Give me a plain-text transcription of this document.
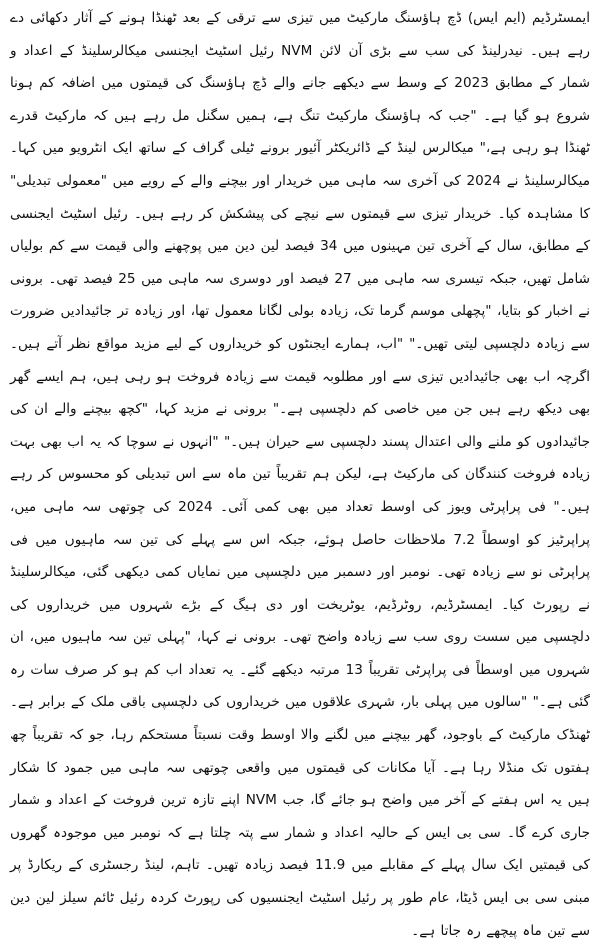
ایمسٹرڈیم (ایم ایس) ڈچ ہاؤسنگ مارکیٹ میں تیزی سے ترقی کے بعد ٹھنڈا ہونے کے آثار دکھائی دے رہے ہیں۔ نیدرلینڈ کی سب سے بڑی آن لائن NVM رئیل اسٹیٹ ایجنسی میکالرسلینڈ کے اعداد و شمار کے مطابق 2023 کے وسط سے دیکھے جانے والے ڈچ ہاؤسنگ کی قیمتوں میں اضافہ کم ہونا شروع ہو گیا ہے۔ "جب کہ ہاؤسنگ مارکیٹ تنگ ہے، ہمیں سگنل مل رہے ہیں کہ مارکیٹ قدرے ٹھنڈا ہو رہی ہے،" میکالرس لینڈ کے ڈائریکٹر آئیور برونے ٹیلی گراف کے ساتھ ایک انٹرویو میں کہا۔ میکالرسلینڈ نے 2024 کی آخری سہ ماہی میں خریدار اور بیچنے والے کے رویے میں "معمولی تبدیلی" کا مشاہدہ کیا۔ خریدار تیزی سے قیمتوں سے نیچے کی پیشکش کر رہے ہیں۔ رئیل اسٹیٹ ایجنسی کے مطابق، سال کے آخری تین مہینوں میں 34 فیصد لین دین میں پوچھنے والی قیمت سے کم بولیاں شامل تھیں، جبکہ تیسری سہ ماہی میں 27 فیصد اور دوسری سہ ماہی میں 25 فیصد تھی۔ برونی نے اخبار کو بتایا، "پچھلی موسم گرما تک، زیادہ بولی لگانا معمول تھا، اور زیادہ تر جائیدادیں ضرورت سے زیادہ دلچسپی لیتی تھیں۔" "اب، ہمارے ایجنٹوں کو خریداروں کے لیے مزید مواقع نظر آتے ہیں۔ اگرچہ اب بھی جائیدادیں تیزی سے اور مطلوبہ قیمت سے زیادہ فروخت ہو رہی ہیں، ہم ایسے گھر بھی دیکھ رہے ہیں جن میں خاصی کم دلچسپی ہے۔" برونی نے مزید کہا، "کچھ بیچنے والے ان کی جائیدادوں کو ملنے والی اعتدال پسند دلچسپی سے حیران ہیں۔" "انہوں نے سوچا کہ یہ اب بھی بہت زیادہ فروخت کنندگان کی مارکیٹ ہے، لیکن ہم تقریباً تین ماہ سے اس تبدیلی کو محسوس کر رہے ہیں۔" فی پراپرٹی ویوز کی اوسط تعداد میں بھی کمی آئی۔ 2024 کی چوتھی سہ ماہی میں، پراپرٹیز کو اوسطاً 7.2 ملاحظات حاصل ہوئے، جبکہ اس سے پہلے کی تین سہ ماہیوں میں فی پراپرٹی نو سے زیادہ تھی۔ نومبر اور دسمبر میں دلچسپی میں نمایاں کمی دیکھی گئی، میکالرسلینڈ نے رپورٹ کیا۔ ایمسٹرڈیم، روٹرڈیم، یوٹریخت اور دی ہیگ کے بڑے شہروں میں خریداروں کی دلچسپی میں سست روی سب سے زیادہ واضح تھی۔ برونی نے کہا، "پہلی تین سہ ماہیوں میں، ان شہروں میں اوسطاً فی پراپرٹی تقریباً 13 مرتبہ دیکھے گئے۔ یہ تعداد اب کم ہو کر صرف سات رہ گئی ہے۔" "سالوں میں پہلی بار، شہری علاقوں میں خریداروں کی دلچسپی باقی ملک کے برابر ہے۔ ٹھنڈک مارکیٹ کے باوجود، گھر بیچنے میں لگنے والا اوسط وقت نسبتاً مستحکم رہا، جو کہ تقریباً چھ ہفتوں تک منڈلا رہا ہے۔ آیا مکانات کی قیمتوں میں واقعی چوتھی سہ ماہی میں جمود کا شکار ہیں یہ اس ہفتے کے آخر میں واضح ہو جائے گا، جب NVM اپنے تازہ ترین فروخت کے اعداد و شمار جاری کرے گا۔ سی بی ایس کے حالیہ اعداد و شمار سے پتہ چلتا ہے کہ نومبر میں موجودہ گھروں کی قیمتیں ایک سال پہلے کے مقابلے میں 11.9 فیصد زیادہ تھیں۔ تاہم، لینڈ رجسٹری کے ریکارڈ پر مبنی سی بی ایس ڈیٹا، عام طور پر رئیل اسٹیٹ ایجنسیوں کی رپورٹ کردہ رئیل ٹائم سیلز لین دین سے تین ماہ پیچھے رہ جاتا ہے۔
